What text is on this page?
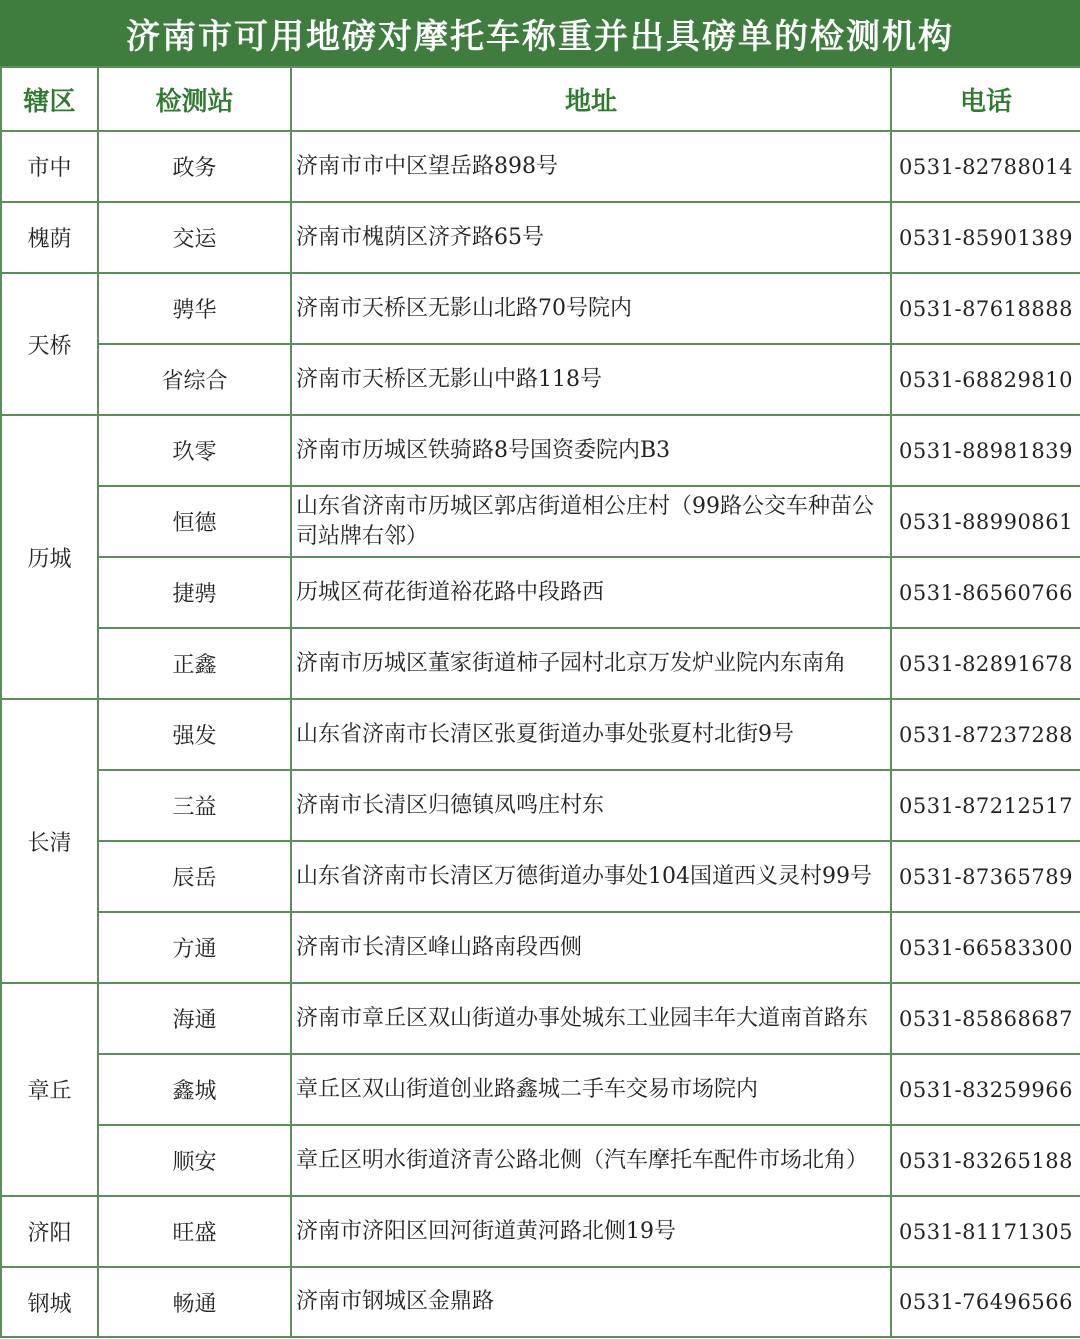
济南市可用地磅对摩托车称重并出具磅单的检测机构
辖区	检测站	地址	电话
市中	政务	济南市市中区望岳路898号	0531-82788014
槐荫	交运	济南市槐荫区济齐路65号	0531-85901389
天桥	骋华	济南市天桥区无影山北路70号院内	0531-87618888
	省综合	济南市天桥区无影山中路118号	0531-68829810
历城	玖零	济南市历城区铁骑路8号国资委院内B3	0531-88981839
	恒德	山东省济南市历城区郭店街道相公庄村（99路公交车种苗公司站牌右邻）	0531-88990861
	捷骋	历城区荷花街道裕花路中段路西	0531-86560766
	正鑫	济南市历城区董家街道柿子园村北京万发炉业院内东南角	0531-82891678
长清	强发	山东省济南市长清区张夏街道办事处张夏村北街9号	0531-87237288
	三益	济南市长清区归德镇凤鸣庄村东	0531-87212517
	辰岳	山东省济南市长清区万德街道办事处104国道西义灵村99号	0531-87365789
	方通	济南市长清区峰山路南段西侧	0531-66583300
章丘	海通	济南市章丘区双山街道办事处城东工业园丰年大道南首路东	0531-85868687
	鑫城	章丘区双山街道创业路鑫城二手车交易市场院内	0531-83259966
	顺安	章丘区明水街道济青公路北侧（汽车摩托车配件市场北角）	0531-83265188
济阳	旺盛	济南市济阳区回河街道黄河路北侧19号	0531-81171305
钢城	畅通	济南市钢城区金鼎路	0531-76496566
